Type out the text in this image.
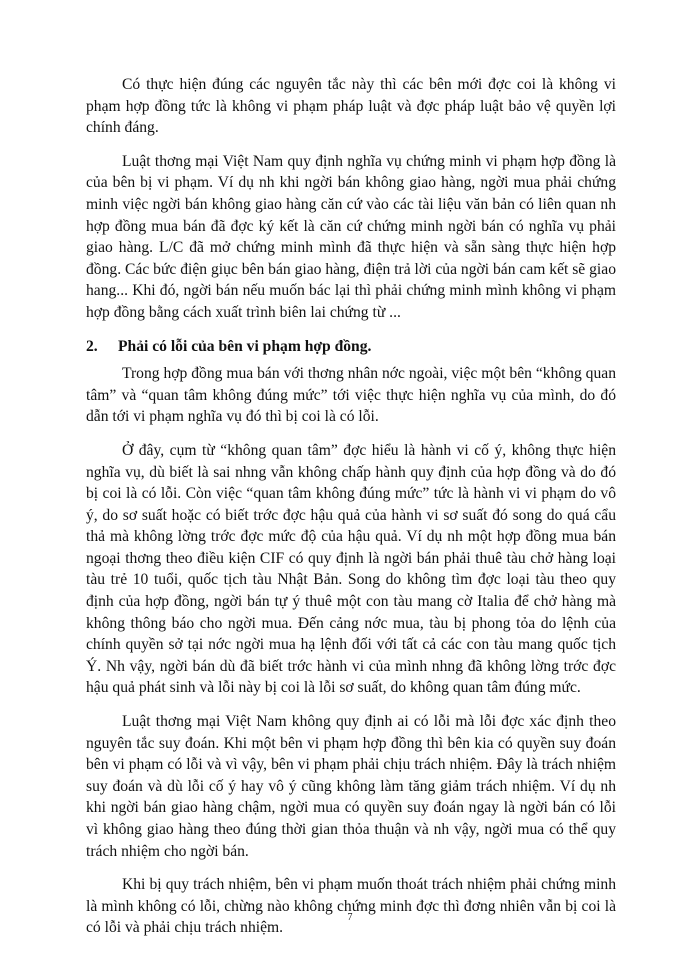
Có thực hiện đúng các nguyên tắc này thì các bên mới đợc coi là không vi phạm hợp đồng tức là không vi phạm pháp luật và đợc pháp luật bảo vệ quyền lợi chính đáng.

Luật thơng mại Việt Nam quy định nghĩa vụ chứng minh vi phạm hợp đồng là của bên bị vi phạm. Ví dụ nh khi ngời bán không giao hàng, ngời mua phải chứng minh việc ngời bán không giao hàng căn cứ vào các tài liệu văn bản có liên quan nh hợp đồng mua bán đã đợc ký kết là căn cứ chứng minh ngời bán có nghĩa vụ phải giao hàng. L/C đã mở chứng minh mình đã thực hiện và sẵn sàng thực hiện hợp đồng. Các bức điện giục bên bán giao hàng, điện trả lời của ngời bán cam kết sẽ giao hang... Khi đó, ngời bán nếu muốn bác lại thì phải chứng minh mình không vi phạm hợp đồng bằng cách xuất trình biên lai chứng từ ...

2. Phải có lỗi của bên vi phạm hợp đồng.

Trong hợp đồng mua bán với thơng nhân nớc ngoài, việc một bên “không quan tâm” và “quan tâm không đúng mức” tới việc thực hiện nghĩa vụ của mình, do đó dẫn tới vi phạm nghĩa vụ đó thì bị coi là có lỗi.

Ở đây, cụm từ “không quan tâm” đợc hiểu là hành vi cố ý, không thực hiện nghĩa vụ, dù biết là sai nhng vẫn không chấp hành quy định của hợp đồng và do đó bị coi là có lỗi. Còn việc “quan tâm không đúng mức” tức là hành vi vi phạm do vô ý, do sơ suất hoặc có biết trớc đợc hậu quả của hành vi sơ suất đó song do quá cẩu thả mà không lờng trớc đợc mức độ của hậu quả. Ví dụ nh một hợp đồng mua bán ngoại thơng theo điều kiện CIF có quy định là ngời bán phải thuê tàu chở hàng loại tàu trẻ 10 tuổi, quốc tịch tàu Nhật Bản. Song do không tìm đợc loại tàu theo quy định của hợp đồng, ngời bán tự ý thuê một con tàu mang cờ Italia để chở hàng mà không thông báo cho ngời mua. Đến cảng nớc mua, tàu bị phong tỏa do lệnh của chính quyền sở tại nớc ngời mua hạ lệnh đối với tất cả các con tàu mang quốc tịch Ý. Nh vậy, ngời bán dù đã biết trớc hành vi của mình nhng đã không lờng trớc đợc hậu quả phát sinh và lỗi này bị coi là lỗi sơ suất, do không quan tâm đúng mức.

Luật thơng mại Việt Nam không quy định ai có lỗi mà lỗi đợc xác định theo nguyên tắc suy đoán. Khi một bên vi phạm hợp đồng thì bên kia có quyền suy đoán bên vi phạm có lỗi và vì vậy, bên vi phạm phải chịu trách nhiệm. Đây là trách nhiệm suy đoán và dù lỗi cố ý hay vô ý cũng không làm tăng giảm trách nhiệm. Ví dụ nh khi ngời bán giao hàng chậm, ngời mua có quyền suy đoán ngay là ngời bán có lỗi vì không giao hàng theo đúng thời gian thỏa thuận và nh vậy, ngời mua có thể quy trách nhiệm cho ngời bán.

Khi bị quy trách nhiệm, bên vi phạm muốn thoát trách nhiệm phải chứng minh là mình không có lỗi, chừng nào không chứng minh đợc thì đơng nhiên vẫn bị coi là có lỗi và phải chịu trách nhiệm.

7
